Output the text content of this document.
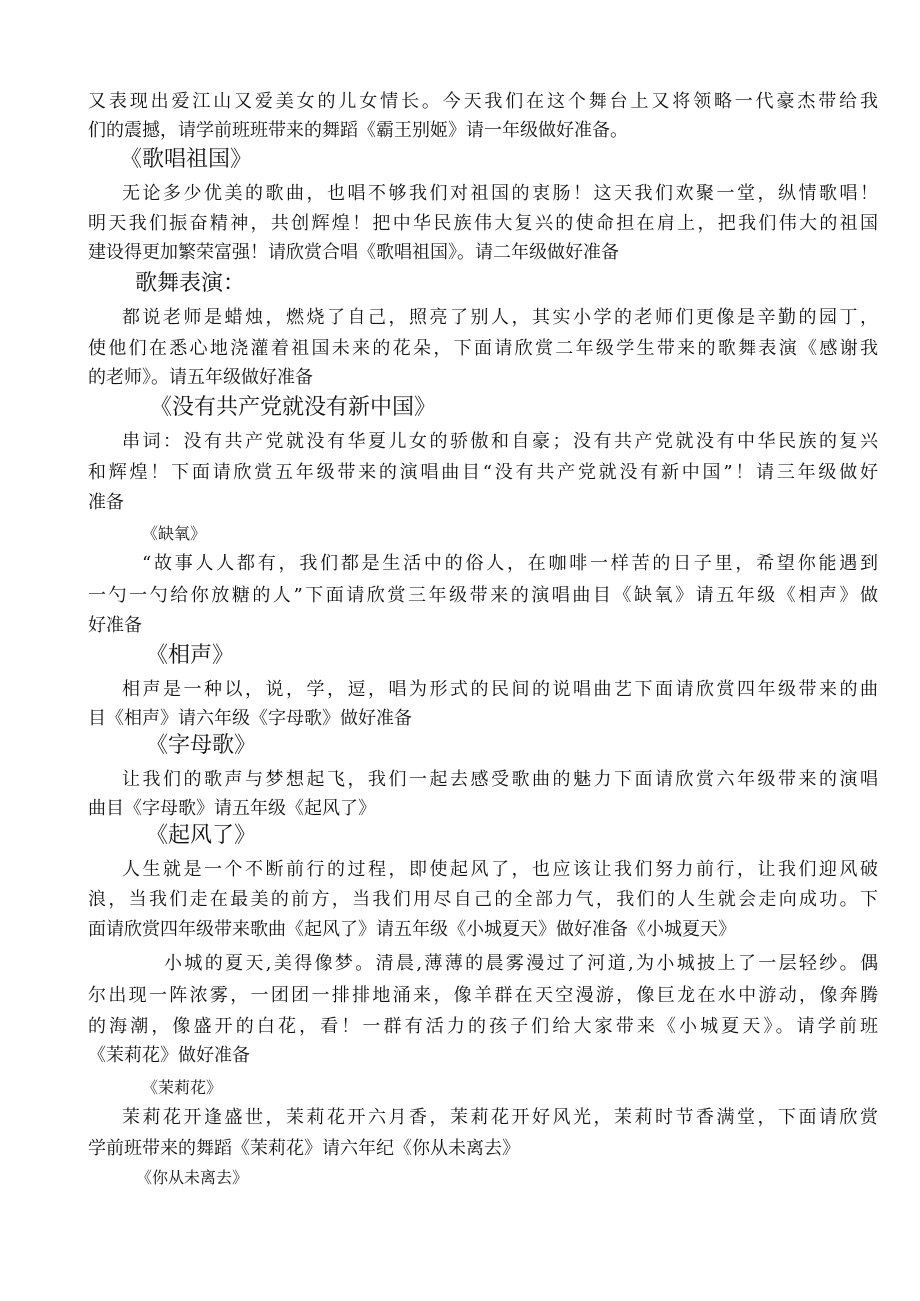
又表现出爱江山又爱美女的儿女情长。今天我们在这个舞台上又将领略一代豪杰带给我
们的震撼，请学前班班带来的舞蹈《霸王别姬》请一年级做好准备。
《歌唱祖国》
无论多少优美的歌曲，也唱不够我们对祖国的衷肠！这天我们欢聚一堂，纵情歌唱！
明天我们振奋精神，共创辉煌！把中华民族伟大复兴的使命担在肩上，把我们伟大的祖国
建设得更加繁荣富强！请欣赏合唱《歌唱祖国》。请二年级做好准备
歌舞表演：
都说老师是蜡烛，燃烧了自己，照亮了别人，其实小学的老师们更像是辛勤的园丁，
使他们在悉心地浇灌着祖国未来的花朵，下面请欣赏二年级学生带来的歌舞表演《感谢我
的老师》。请五年级做好准备
《没有共产党就没有新中国》
串词：没有共产党就没有华夏儿女的骄傲和自豪；没有共产党就没有中华民族的复兴
和辉煌！下面请欣赏五年级带来的演唱曲目“没有共产党就没有新中国”！请三年级做好
准备
《缺氧》
“故事人人都有，我们都是生活中的俗人，在咖啡一样苦的日子里，希望你能遇到
一勺一勺给你放糖的人”下面请欣赏三年级带来的演唱曲目《缺氧》请五年级《相声》做
好准备
《相声》
相声是一种以，说，学，逗，唱为形式的民间的说唱曲艺下面请欣赏四年级带来的曲
目《相声》请六年级《字母歌》做好准备
《字母歌》
让我们的歌声与梦想起飞，我们一起去感受歌曲的魅力下面请欣赏六年级带来的演唱
曲目《字母歌》请五年级《起风了》
《起风了》
人生就是一个不断前行的过程，即使起风了，也应该让我们努力前行，让我们迎风破
浪，当我们走在最美的前方，当我们用尽自己的全部力气，我们的人生就会走向成功。下
面请欣赏四年级带来歌曲《起风了》请五年级《小城夏天》做好准备《小城夏天》
小城的夏天,美得像梦。清晨,薄薄的晨雾漫过了河道,为小城披上了一层轻纱。偶
尔出现一阵浓雾，一团团一排排地涌来，像羊群在天空漫游，像巨龙在水中游动，像奔腾
的海潮，像盛开的白花，看！一群有活力的孩子们给大家带来《小城夏天》。请学前班
《茉莉花》做好准备
《茉莉花》
茉莉花开逢盛世，茉莉花开六月香，茉莉花开好风光，茉莉时节香满堂，下面请欣赏
学前班带来的舞蹈《茉莉花》请六年纪《你从未离去》
《你从未离去》
